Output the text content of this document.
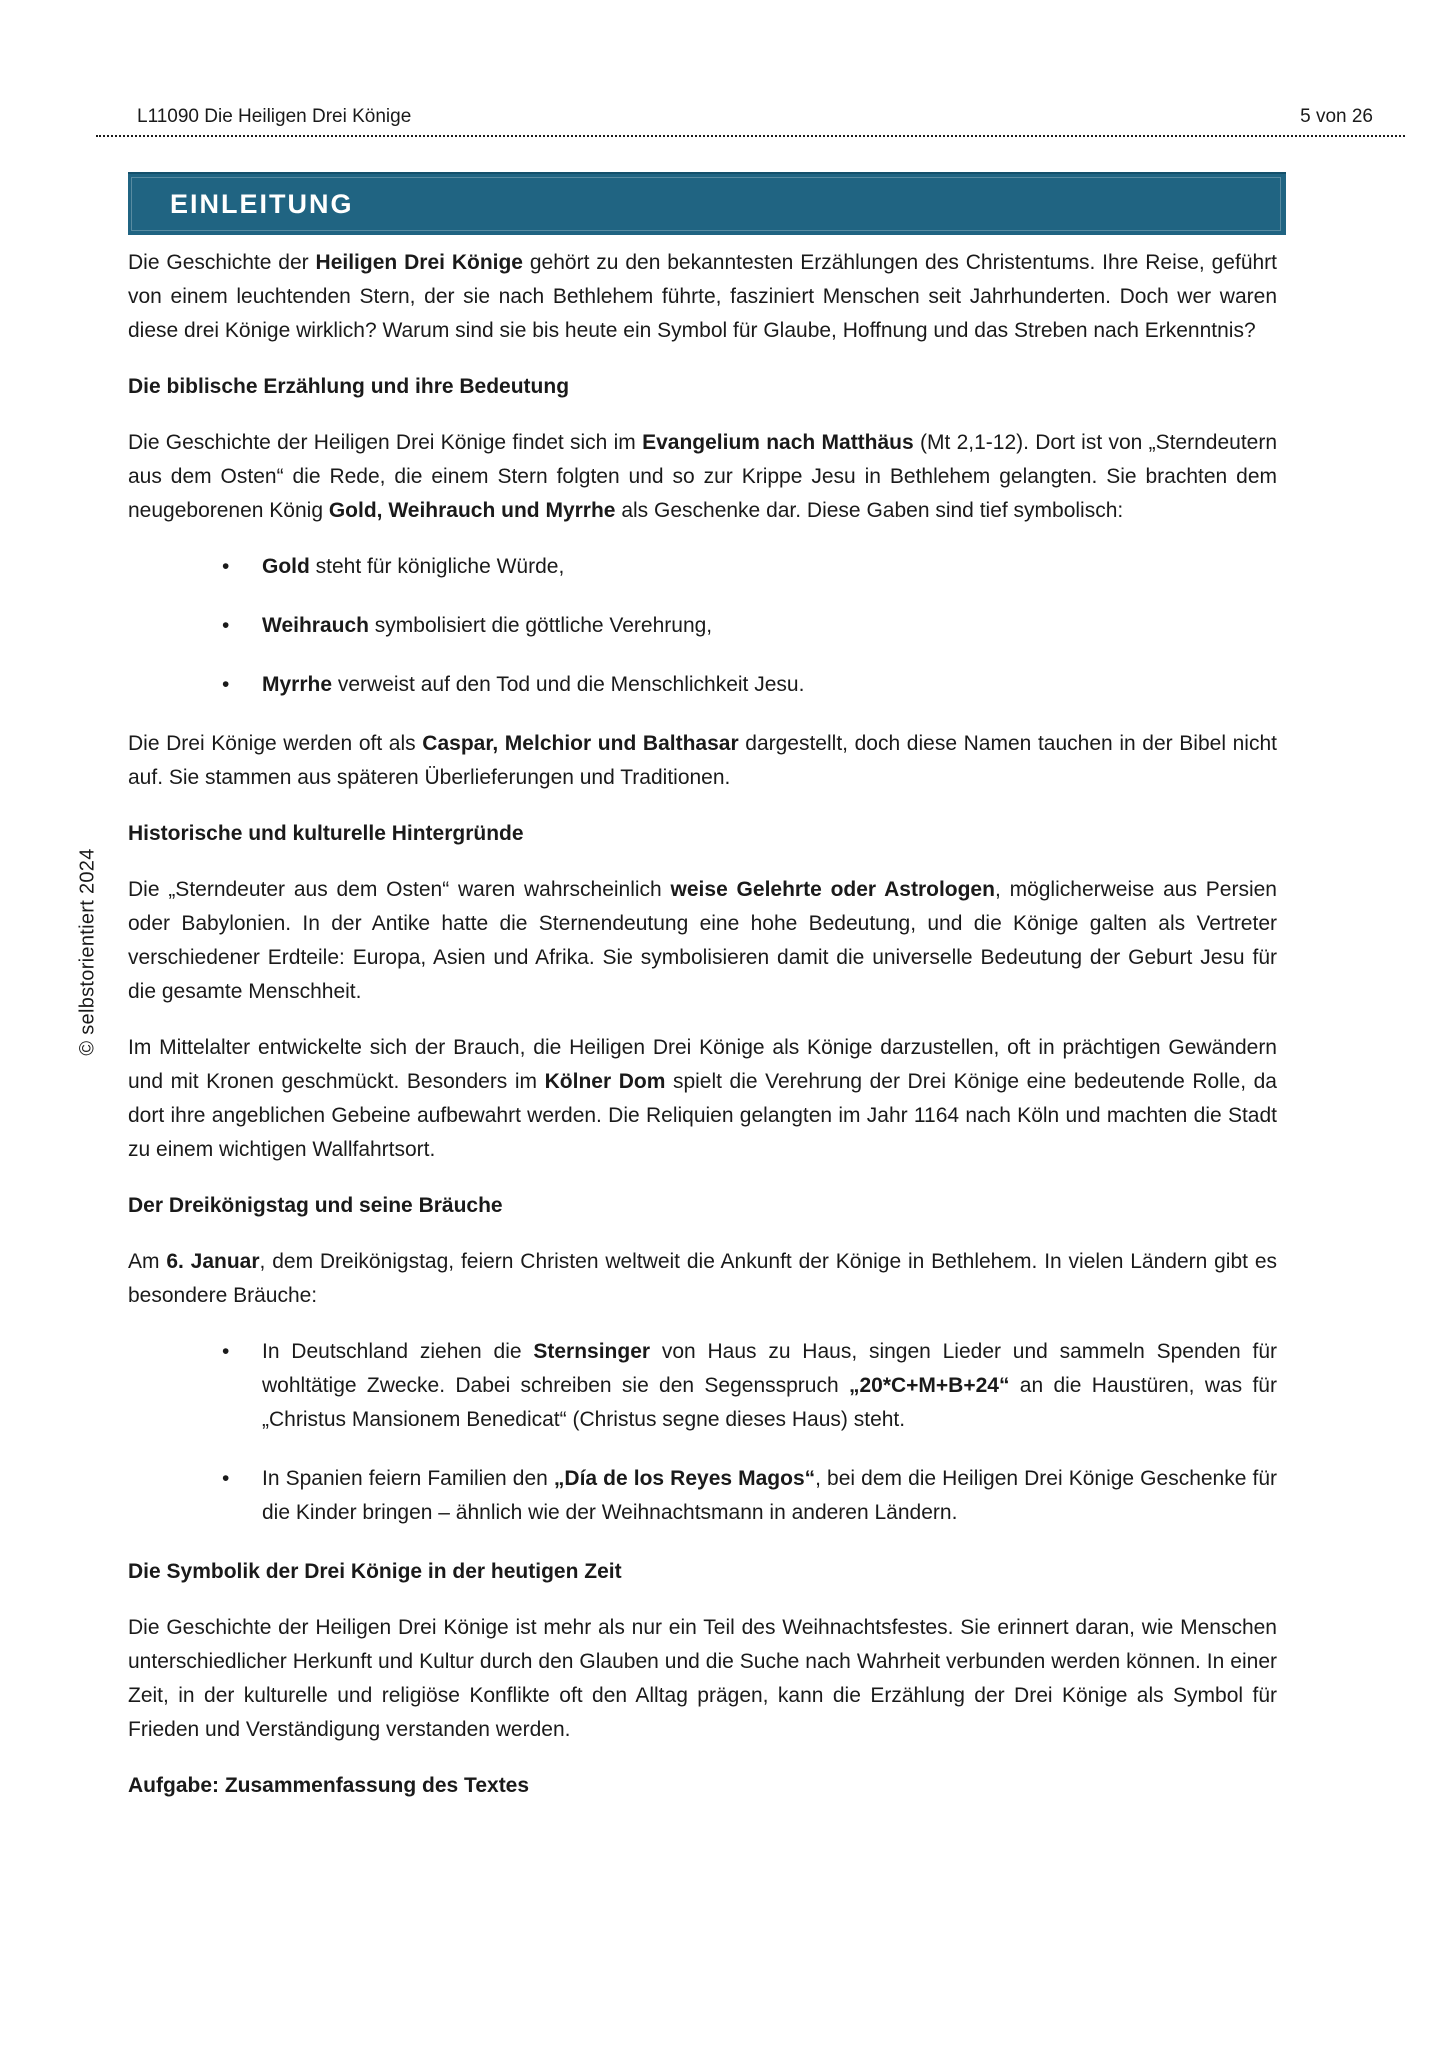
L11090 Die Heiligen Drei Könige	5 von 26
© selbstorientiert 2024
EINLEITUNG

Die Geschichte der Heiligen Drei Könige gehört zu den bekanntesten Erzählungen des Christentums. Ihre Reise, geführt von einem leuchtenden Stern, der sie nach Bethlehem führte, fasziniert Menschen seit Jahrhunderten. Doch wer waren diese drei Könige wirklich? Warum sind sie bis heute ein Symbol für Glaube, Hoffnung und das Streben nach Erkenntnis?

Die biblische Erzählung und ihre Bedeutung

Die Geschichte der Heiligen Drei Könige findet sich im Evangelium nach Matthäus (Mt 2,1-12). Dort ist von „Sterndeutern aus dem Osten“ die Rede, die einem Stern folgten und so zur Krippe Jesu in Bethlehem gelangten. Sie brachten dem neugeborenen König Gold, Weihrauch und Myrrhe als Geschenke dar. Diese Gaben sind tief symbolisch:

• Gold steht für königliche Würde,
• Weihrauch symbolisiert die göttliche Verehrung,
• Myrrhe verweist auf den Tod und die Menschlichkeit Jesu.

Die Drei Könige werden oft als Caspar, Melchior und Balthasar dargestellt, doch diese Namen tauchen in der Bibel nicht auf. Sie stammen aus späteren Überlieferungen und Traditionen.

Historische und kulturelle Hintergründe

Die „Sterndeuter aus dem Osten“ waren wahrscheinlich weise Gelehrte oder Astrologen, möglicherweise aus Persien oder Babylonien. In der Antike hatte die Sternendeutung eine hohe Bedeutung, und die Könige galten als Vertreter verschiedener Erdteile: Europa, Asien und Afrika. Sie symbolisieren damit die universelle Bedeutung der Geburt Jesu für die gesamte Menschheit.

Im Mittelalter entwickelte sich der Brauch, die Heiligen Drei Könige als Könige darzustellen, oft in prächtigen Gewändern und mit Kronen geschmückt. Besonders im Kölner Dom spielt die Verehrung der Drei Könige eine bedeutende Rolle, da dort ihre angeblichen Gebeine aufbewahrt werden. Die Reliquien gelangten im Jahr 1164 nach Köln und machten die Stadt zu einem wichtigen Wallfahrtsort.

Der Dreikönigstag und seine Bräuche

Am 6. Januar, dem Dreikönigstag, feiern Christen weltweit die Ankunft der Könige in Bethlehem. In vielen Ländern gibt es besondere Bräuche:

• In Deutschland ziehen die Sternsinger von Haus zu Haus, singen Lieder und sammeln Spenden für wohltätige Zwecke. Dabei schreiben sie den Segensspruch „20*C+M+B+24“ an die Haustüren, was für „Christus Mansionem Benedicat“ (Christus segne dieses Haus) steht.
• In Spanien feiern Familien den „Día de los Reyes Magos“, bei dem die Heiligen Drei Könige Geschenke für die Kinder bringen – ähnlich wie der Weihnachtsmann in anderen Ländern.

Die Symbolik der Drei Könige in der heutigen Zeit

Die Geschichte der Heiligen Drei Könige ist mehr als nur ein Teil des Weihnachtsfestes. Sie erinnert daran, wie Menschen unterschiedlicher Herkunft und Kultur durch den Glauben und die Suche nach Wahrheit verbunden werden können. In einer Zeit, in der kulturelle und religiöse Konflikte oft den Alltag prägen, kann die Erzählung der Drei Könige als Symbol für Frieden und Verständigung verstanden werden.

Aufgabe: Zusammenfassung des Textes
